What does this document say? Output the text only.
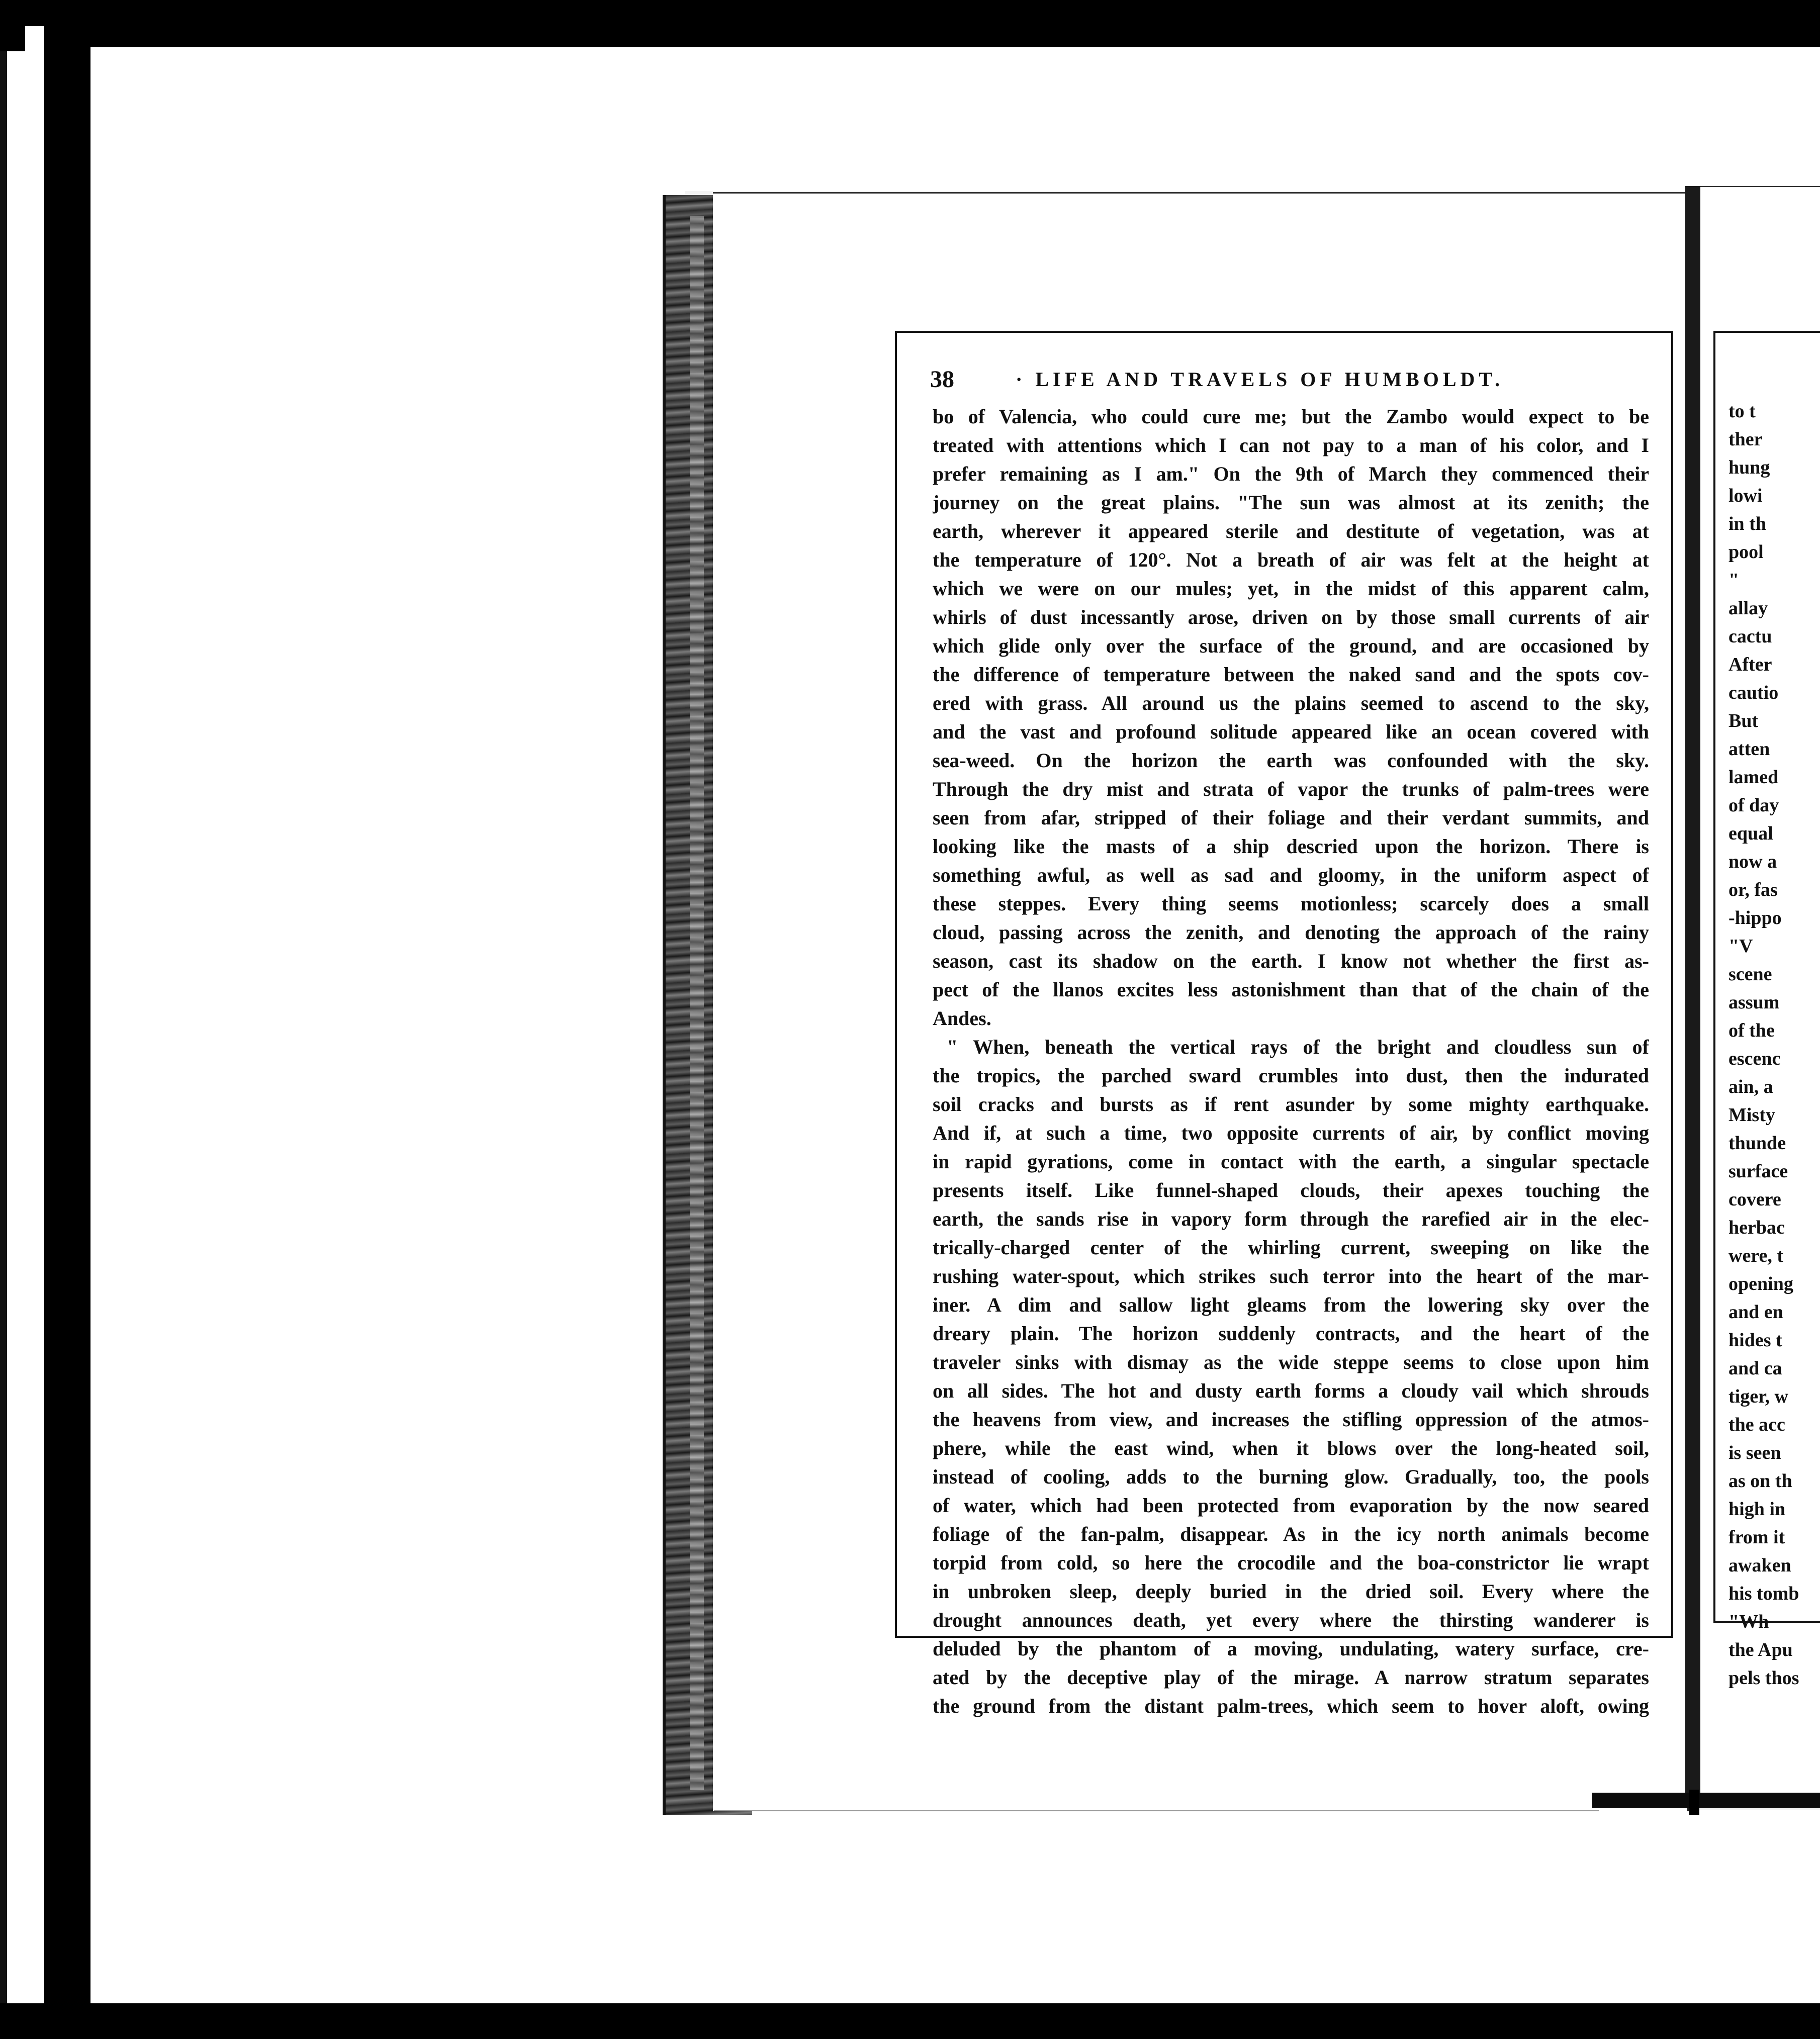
38	· LIFE AND TRAVELS OF HUMBOLDT.
bo of Valencia, who could cure me; but the Zambo would expect to be
treated with attentions which I can not pay to a man of his color, and I
prefer remaining as I am." On the 9th of March they commenced their
journey on the great plains. "The sun was almost at its zenith; the
earth, wherever it appeared sterile and destitute of vegetation, was at
the temperature of 120°. Not a breath of air was felt at the height at
which we were on our mules; yet, in the midst of this apparent calm,
whirls of dust incessantly arose, driven on by those small currents of air
which glide only over the surface of the ground, and are occasioned by
the difference of temperature between the naked sand and the spots cov-
ered with grass. All around us the plains seemed to ascend to the sky,
and the vast and profound solitude appeared like an ocean covered with
sea-weed. On the horizon the earth was confounded with the sky.
Through the dry mist and strata of vapor the trunks of palm-trees were
seen from afar, stripped of their foliage and their verdant summits, and
looking like the masts of a ship descried upon the horizon. There is
something awful, as well as sad and gloomy, in the uniform aspect of
these steppes. Every thing seems motionless; scarcely does a small
cloud, passing across the zenith, and denoting the approach of the rainy
season, cast its shadow on the earth. I know not whether the first as-
pect of the llanos excites less astonishment than that of the chain of the
Andes.
" When, beneath the vertical rays of the bright and cloudless sun of
the tropics, the parched sward crumbles into dust, then the indurated
soil cracks and bursts as if rent asunder by some mighty earthquake.
And if, at such a time, two opposite currents of air, by conflict moving
in rapid gyrations, come in contact with the earth, a singular spectacle
presents itself. Like funnel-shaped clouds, their apexes touching the
earth, the sands rise in vapory form through the rarefied air in the elec-
trically-charged center of the whirling current, sweeping on like the
rushing water-spout, which strikes such terror into the heart of the mar-
iner. A dim and sallow light gleams from the lowering sky over the
dreary plain. The horizon suddenly contracts, and the heart of the
traveler sinks with dismay as the wide steppe seems to close upon him
on all sides. The hot and dusty earth forms a cloudy vail which shrouds
the heavens from view, and increases the stifling oppression of the atmos-
phere, while the east wind, when it blows over the long-heated soil,
instead of cooling, adds to the burning glow. Gradually, too, the pools
of water, which had been protected from evaporation by the now seared
foliage of the fan-palm, disappear. As in the icy north animals become
torpid from cold, so here the crocodile and the boa-constrictor lie wrapt
in unbroken sleep, deeply buried in the dried soil. Every where the
drought announces death, yet every where the thirsting wanderer is
deluded by the phantom of a moving, undulating, watery surface, cre-
ated by the deceptive play of the mirage. A narrow stratum separates
the ground from the distant palm-trees, which seem to hover aloft, owing
to t
ther
hung
lowi
in th
pool
"
allay
cactu
After
cautio
But
atten
lamed
of day
equal
now a
or, fas
-hippo
"V
scene
assum
of the
escenc
ain, a
Misty
thunde
surface
covere
herbac
were, t
opening
and en
hides t
and ca
tiger, w
the acc
is seen
as on th
high in
from it
awaken
his tomb
"Wh
the Apu
pels thos
